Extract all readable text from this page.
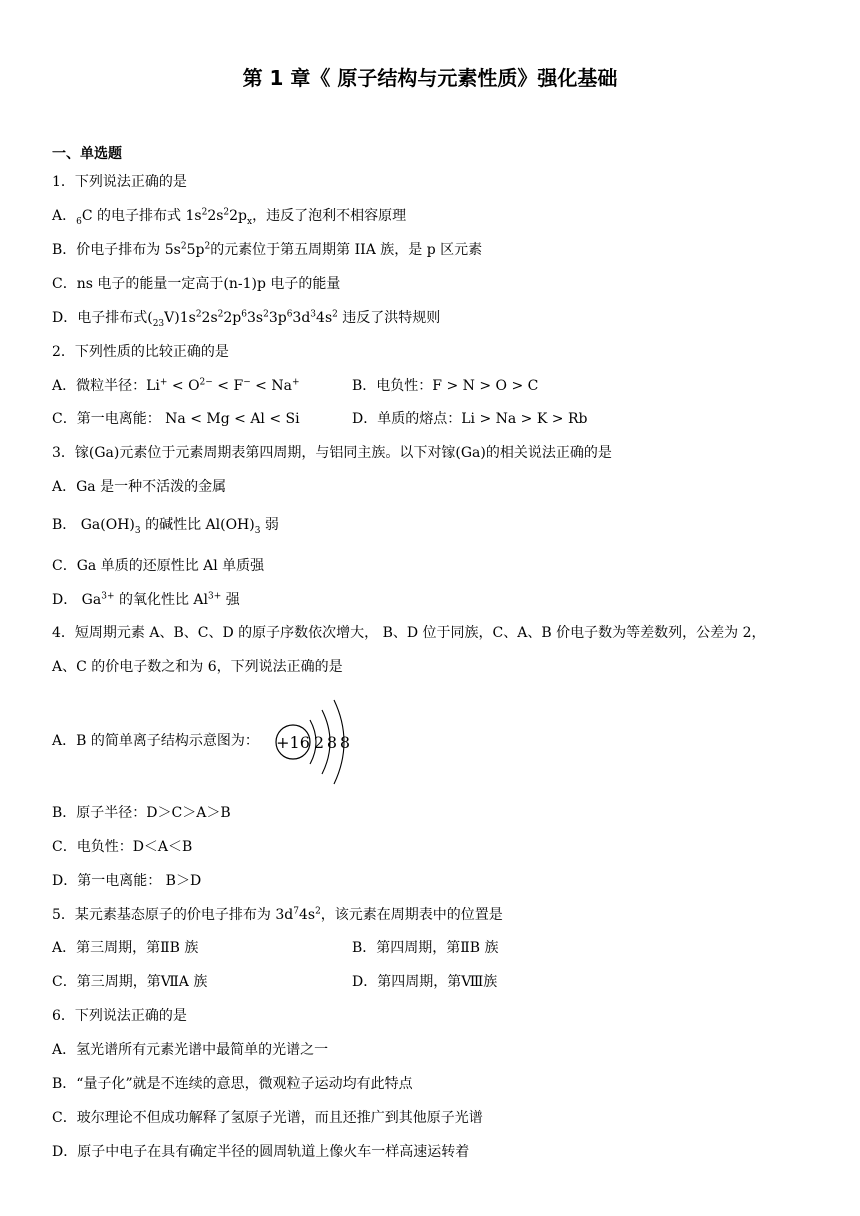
第 1 章《 原子结构与元素性质》强化基础
一、单选题
1．下列说法正确的是
A．$_6$C 的电子排布式 $1s^22s^22p_x$，违反了泡利不相容原理
B．价电子排布为 $5s^25p^2$的元素位于第五周期第 IIA 族，是 p 区元素
C．ns 电子的能量一定高于(n-1)p 电子的能量
D．电子排布式$(_{23}V)1s^22s^22p^63s^23p^63d^34s^2$ 违反了洪特规则
2．下列性质的比较正确的是
A．微粒半径：$Li^+ < O^{2-} < F^- < Na^+$	B．电负性：F > N > O > C
C．第一电离能： Na < Mg < Al < Si	D．单质的熔点：Li > Na > K > Rb
3．镓(Ga)元素位于元素周期表第四周期，与铝同主族。以下对镓(Ga)的相关说法正确的是
A．Ga 是一种不活泼的金属
B． $Ga(OH)_3$ 的碱性比 $Al(OH)_3$ 弱
C．Ga 单质的还原性比 Al 单质强
D． $Ga^{3+}$ 的氧化性比 $Al^{3+}$ 强
4．短周期元素 A、B、C、D 的原子序数依次增大， B、D 位于同族，C、A、B 价电子数为等差数列，公差为 2，
A、C 的价电子数之和为 6，下列说法正确的是
A．B 的简单离子结构示意图为： +16 2 8 8
B．原子半径：D＞C＞A＞B
C．电负性：D＜A＜B
D．第一电离能： B＞D
5．某元素基态原子的价电子排布为 $3d^74s^2$，该元素在周期表中的位置是
A．第三周期，第ⅡB 族	B．第四周期，第ⅡB 族
C．第三周期，第ⅦA 族	D．第四周期，第Ⅷ族
6．下列说法正确的是
A．氢光谱所有元素光谱中最简单的光谱之一
B．“量子化”就是不连续的意思，微观粒子运动均有此特点
C．玻尔理论不但成功解释了氢原子光谱，而且还推广到其他原子光谱
D．原子中电子在具有确定半径的圆周轨道上像火车一样高速运转着
